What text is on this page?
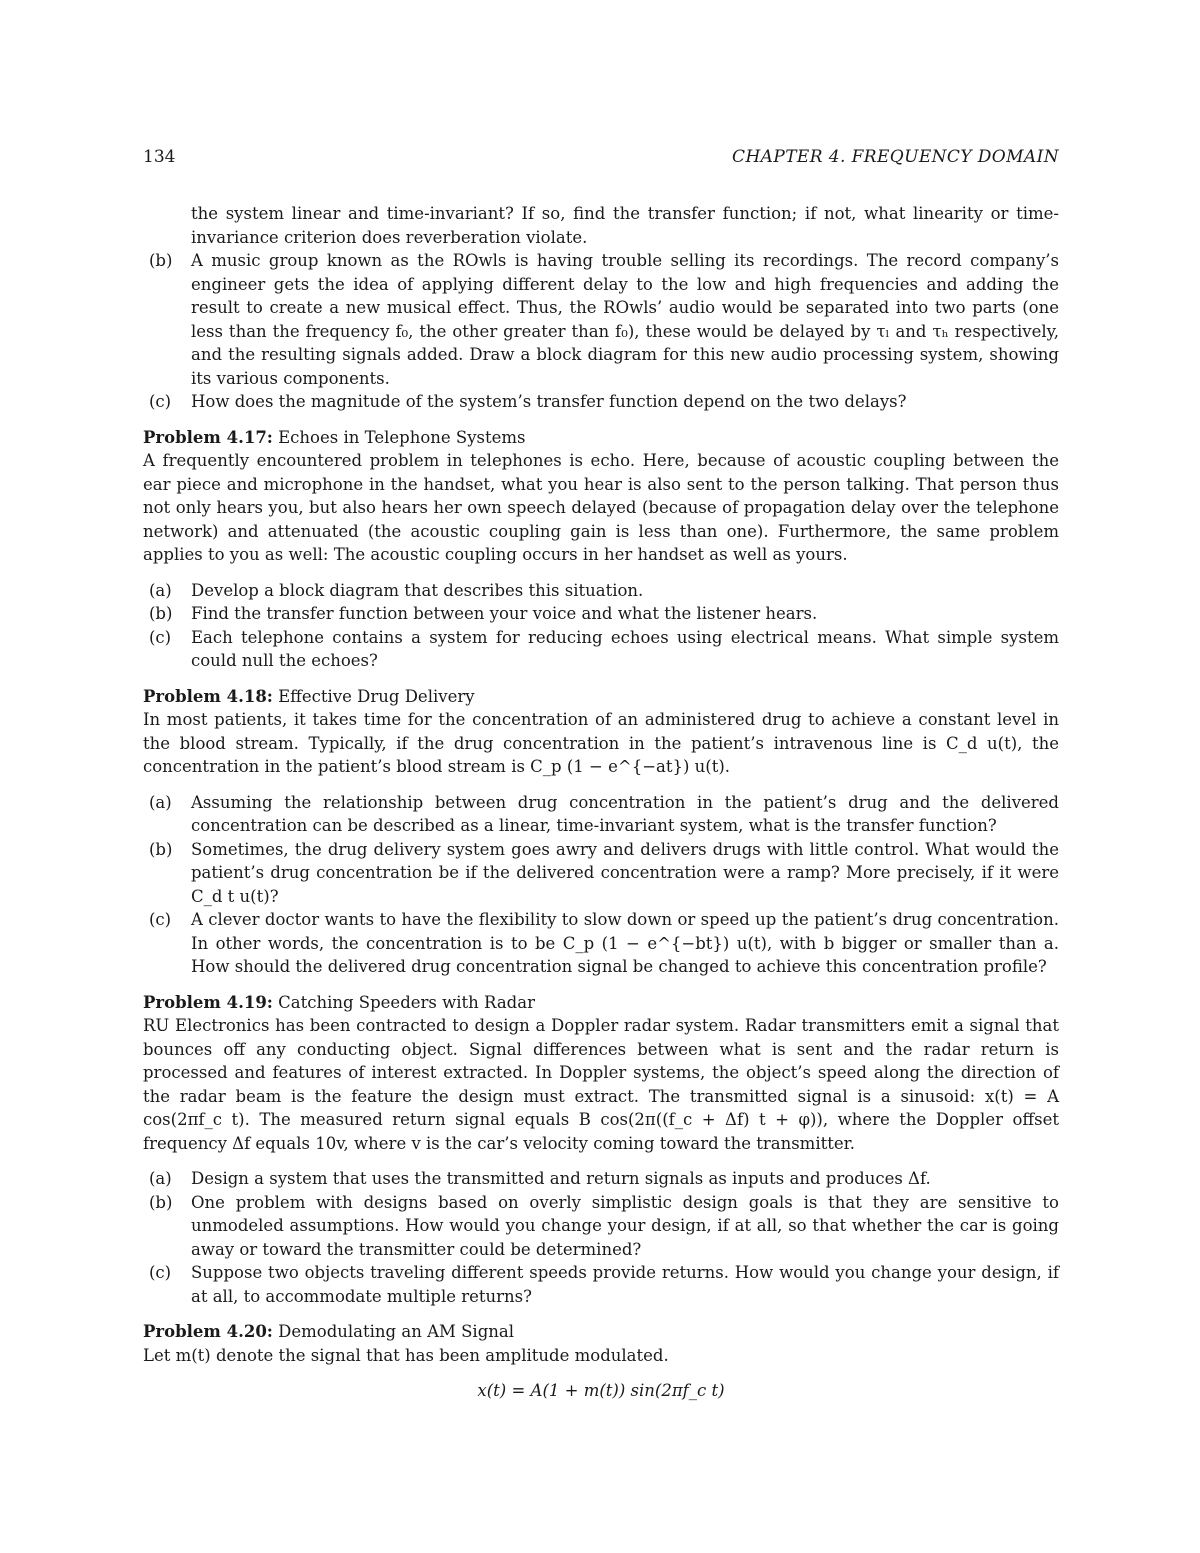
134	CHAPTER 4. FREQUENCY DOMAIN

the system linear and time-invariant? If so, find the transfer function; if not, what linearity or time-invariance criterion does reverberation violate.

(b)	A music group known as the ROwls is having trouble selling its recordings. The record company’s engineer gets the idea of applying different delay to the low and high frequencies and adding the result to create a new musical effect. Thus, the ROwls’ audio would be separated into two parts (one less than the frequency f₀, the other greater than f₀), these would be delayed by τₗ and τₕ respectively, and the resulting signals added. Draw a block diagram for this new audio processing system, showing its various components.
(c)	How does the magnitude of the system’s transfer function depend on the two delays?
Problem 4.17: Echoes in Telephone Systems

A frequently encountered problem in telephones is echo. Here, because of acoustic coupling between the ear piece and microphone in the handset, what you hear is also sent to the person talking. That person thus not only hears you, but also hears her own speech delayed (because of propagation delay over the telephone network) and attenuated (the acoustic coupling gain is less than one). Furthermore, the same problem applies to you as well: The acoustic coupling occurs in her handset as well as yours.

(a)	Develop a block diagram that describes this situation.
(b)	Find the transfer function between your voice and what the listener hears.
(c)	Each telephone contains a system for reducing echoes using electrical means. What simple system could null the echoes?
Problem 4.18: Effective Drug Delivery

In most patients, it takes time for the concentration of an administered drug to achieve a constant level in the blood stream. Typically, if the drug concentration in the patient’s intravenous line is C_d u(t), the concentration in the patient’s blood stream is C_p (1 − e^{−at}) u(t).

(a)	Assuming the relationship between drug concentration in the patient’s drug and the delivered concentration can be described as a linear, time-invariant system, what is the transfer function?
(b)	Sometimes, the drug delivery system goes awry and delivers drugs with little control. What would the patient’s drug concentration be if the delivered concentration were a ramp? More precisely, if it were C_d t u(t)?
(c)	A clever doctor wants to have the flexibility to slow down or speed up the patient’s drug concentration. In other words, the concentration is to be C_p (1 − e^{−bt}) u(t), with b bigger or smaller than a. How should the delivered drug concentration signal be changed to achieve this concentration profile?
Problem 4.19: Catching Speeders with Radar

RU Electronics has been contracted to design a Doppler radar system. Radar transmitters emit a signal that bounces off any conducting object. Signal differences between what is sent and the radar return is processed and features of interest extracted. In Doppler systems, the object’s speed along the direction of the radar beam is the feature the design must extract. The transmitted signal is a sinusoid: x(t) = A cos(2πf_c t). The measured return signal equals B cos(2π((f_c + Δf) t + φ)), where the Doppler offset frequency Δf equals 10v, where v is the car’s velocity coming toward the transmitter.

(a)	Design a system that uses the transmitted and return signals as inputs and produces Δf.
(b)	One problem with designs based on overly simplistic design goals is that they are sensitive to unmodeled assumptions. How would you change your design, if at all, so that whether the car is going away or toward the transmitter could be determined?
(c)	Suppose two objects traveling different speeds provide returns. How would you change your design, if at all, to accommodate multiple returns?
Problem 4.20: Demodulating an AM Signal

Let m(t) denote the signal that has been amplitude modulated.

x(t) = A(1 + m(t)) sin(2πf_c t)
